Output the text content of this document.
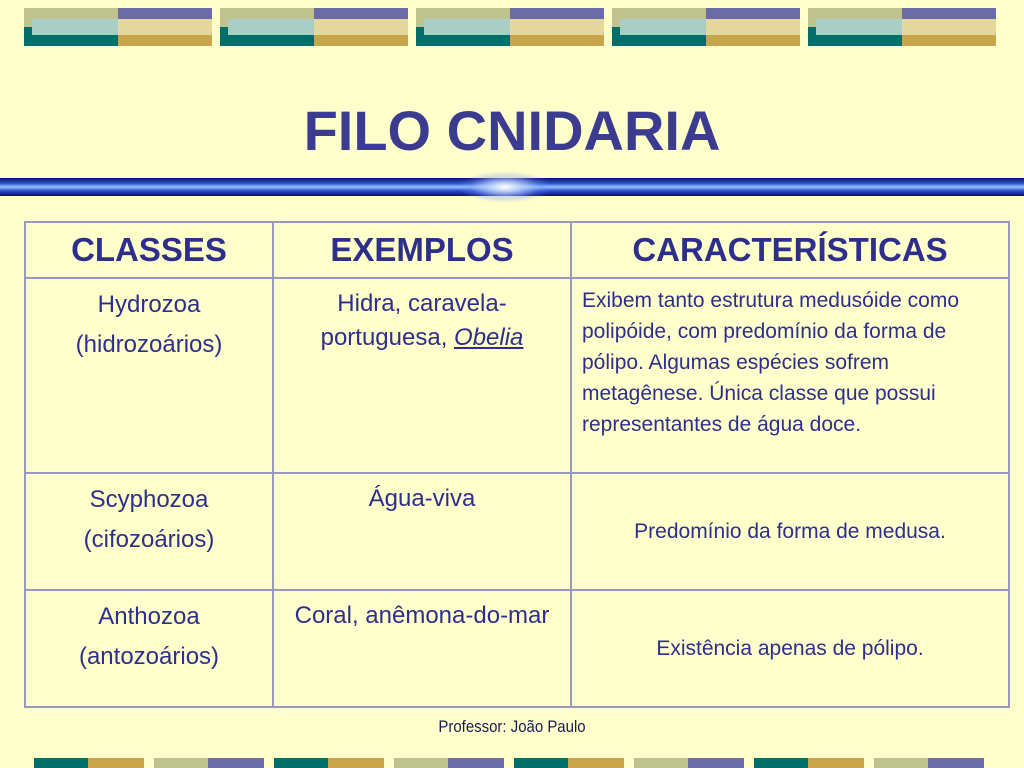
FILO CNIDARIA
CLASSES	EXEMPLOS	CARACTERÍSTICAS

Hydrozoa
(hidrozoários)	Hidra, caravela-portuguesa, Obelia	Exibem tanto estrutura medusóide como polipóide, com predomínio da forma de pólipo. Algumas espécies sofrem metagênese. Única classe que possui representantes de água doce.

Scyphozoa
(cifozoários)	Água-viva	Predomínio da forma de medusa.

Anthozoa
(antozoários)	Coral, anêmona-do-mar	Existência apenas de pólipo.
Professor: João Paulo
